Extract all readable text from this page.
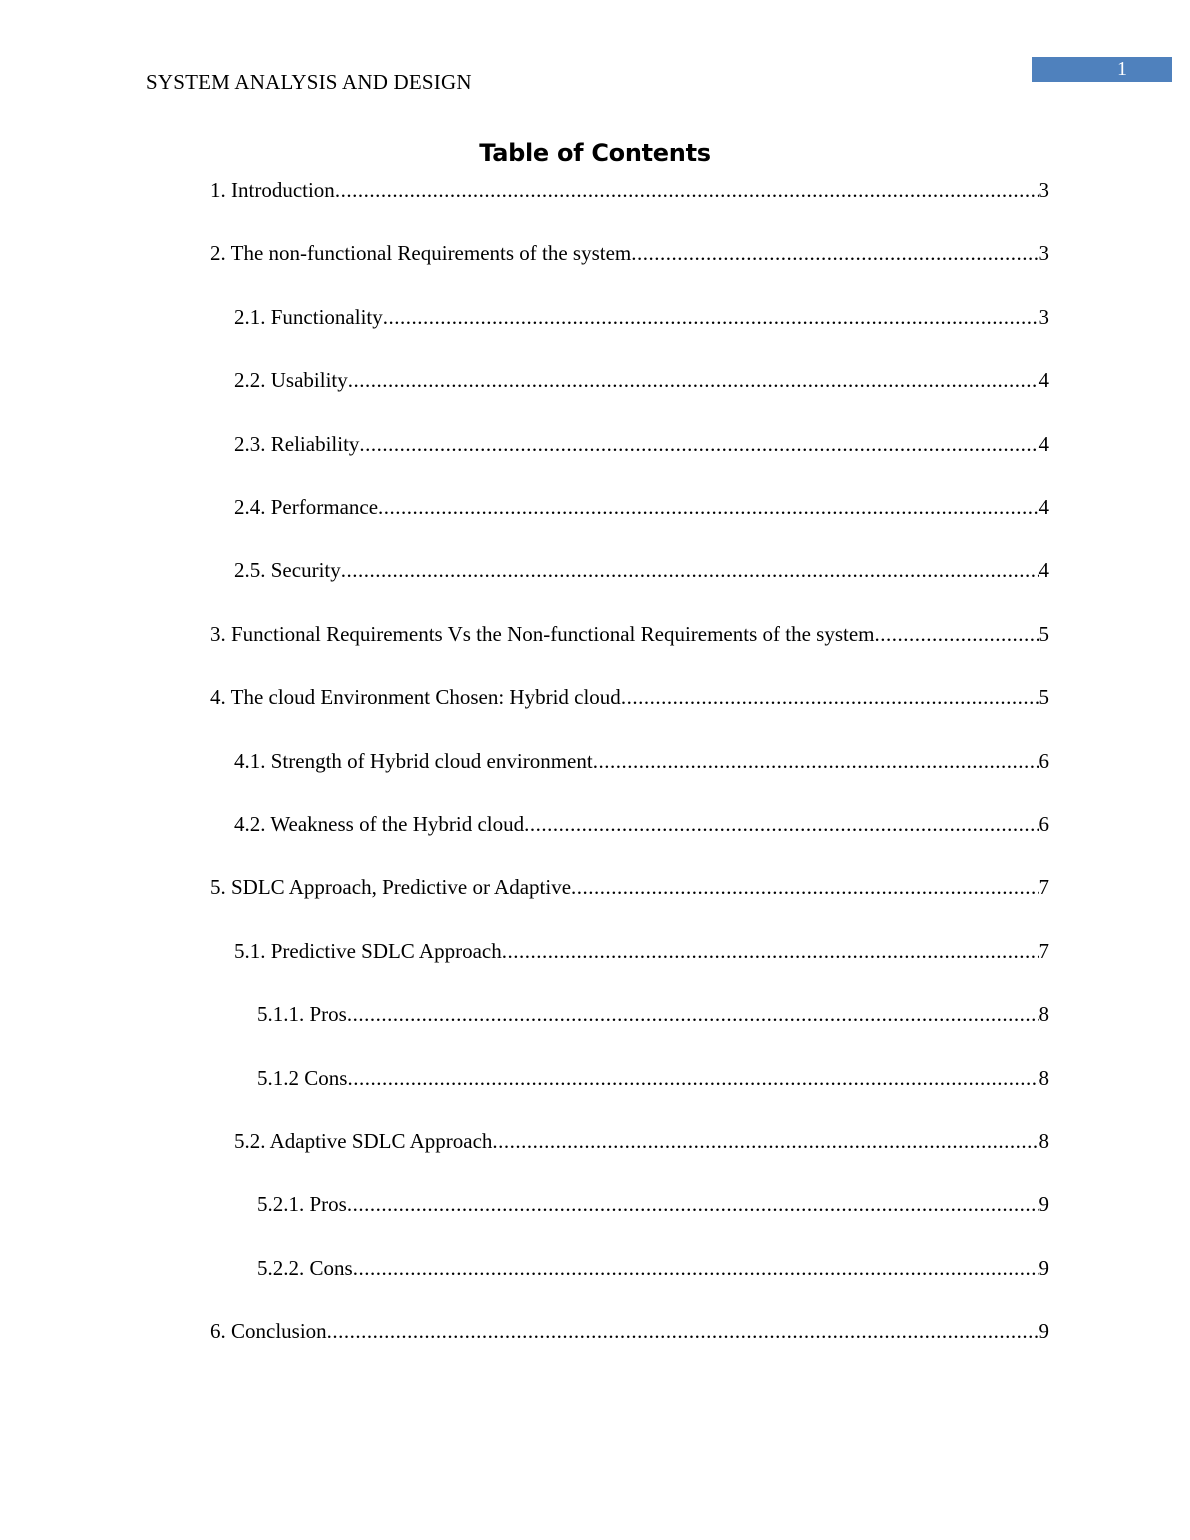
SYSTEM ANALYSIS AND DESIGN
1
Table of Contents
1. Introduction .....	3
2. The non-functional Requirements of the system .....	3
2.1. Functionality .....	3
2.2. Usability .....	4
2.3. Reliability .....	4
2.4. Performance .....	4
2.5. Security .....	4
3. Functional Requirements Vs the Non-functional Requirements of the system .....	5
4. The cloud Environment Chosen: Hybrid cloud .....	5
4.1. Strength of Hybrid cloud environment .....	6
4.2. Weakness of the Hybrid cloud .....	6
5. SDLC Approach, Predictive or Adaptive .....	7
5.1. Predictive SDLC Approach .....	7
5.1.1. Pros .....	8
5.1.2 Cons .....	8
5.2. Adaptive SDLC Approach .....	8
5.2.1. Pros .....	9
5.2.2. Cons .....	9
6. Conclusion .....	9
